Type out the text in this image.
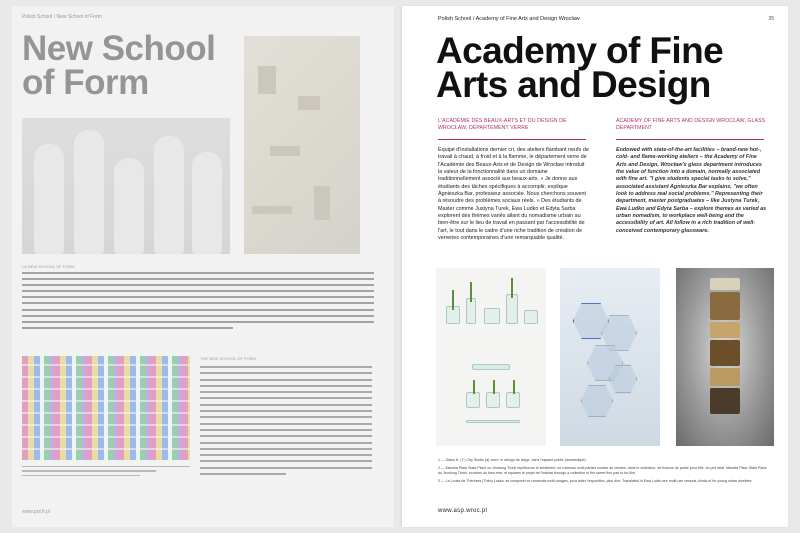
Polish School / New School of Form
New School
of Form
LA NEW SCHOOL OF FORM
THE NEW SCHOOL OF FORM
www.pol.fr.pl
Polish School / Academy of Fine Arts and Design Wroclaw	35
Academy of Fine
Arts and Design
L'ACADÉMIE DES BEAUX-ARTS ET DU DESIGN DE WROCŁAW, DÉPARTEMENT VERRE
ACADEMY OF FINE ARTS AND DESIGN WROCŁAW, GLASS DEPARTMENT
Équipé d'installations dernier cri, des ateliers flambant neufs de travail à chaud, à froid et à la flamme, le département verre de l'Académie des Beaux-Arts et de Design de Wrocław introduit la valeur de la fonctionnalité dans un domaine traditionnellement associé aux beaux-arts. « Je donne aux étudiants des tâches spécifiques à accomplir, explique Agnieszka Bar, professeur associée. Nous cherchons souvent à résoudre des problèmes sociaux réels. » Des étudiants de Master comme Justyna Turek, Ewa Ludko et Edyta Sarba explorent des thèmes variés allant du nomadisme urbain au bien-être sur le lieu de travail en passant par l'accessibilité de l'art, le tout dans le cadre d'une riche tradition de création de verreries contemporaines d'une remarquable qualité.
Endowed with state-of-the-art facilities – brand-new hot-, cold- and flame-working ateliers – the Academy of Fine Arts and Design, Wrocław's glass department introduces the value of function into a domain, normally associated with fine art. "I give students special tasks to solve," associated assistant Agnieszka Bar explains, "we often look to address real social problems." Representing their department, master postgraduates – like Justyna Turek, Ewa Ludko and Edyta Sarba – explore themes as varied as urban nomadism, to workplace well-being and the accessibility of art. All follow in a rich tradition of well-conceived contemporary glassware.

1 — Glass H. (T.) City Studio (a) verre, le design de siège, dans l'espace public (domestique)

2 — Mandra Plaar Stala Place ou Jeudung Trunk repétiseurs le sentiment, un ruisseau multi parties rondes au crestes, dans le collection, de fusions de partie pour elle. du prix fatal, Mandra Plaar Stala Place du Jeudung Trunk, ecuvites du bien-etre, et squares le projet de l'habitat through a collection of the sweet five part to be-like.

3 — La Louka de Thérèses (Théo) Luska, se composer et construits multi-usages, pour aider l'exposition, plus dire. Translated in Ewa Ludko are multi-use vessels, kinda-of for young urban dwellers.

www.asp.wroc.pl
